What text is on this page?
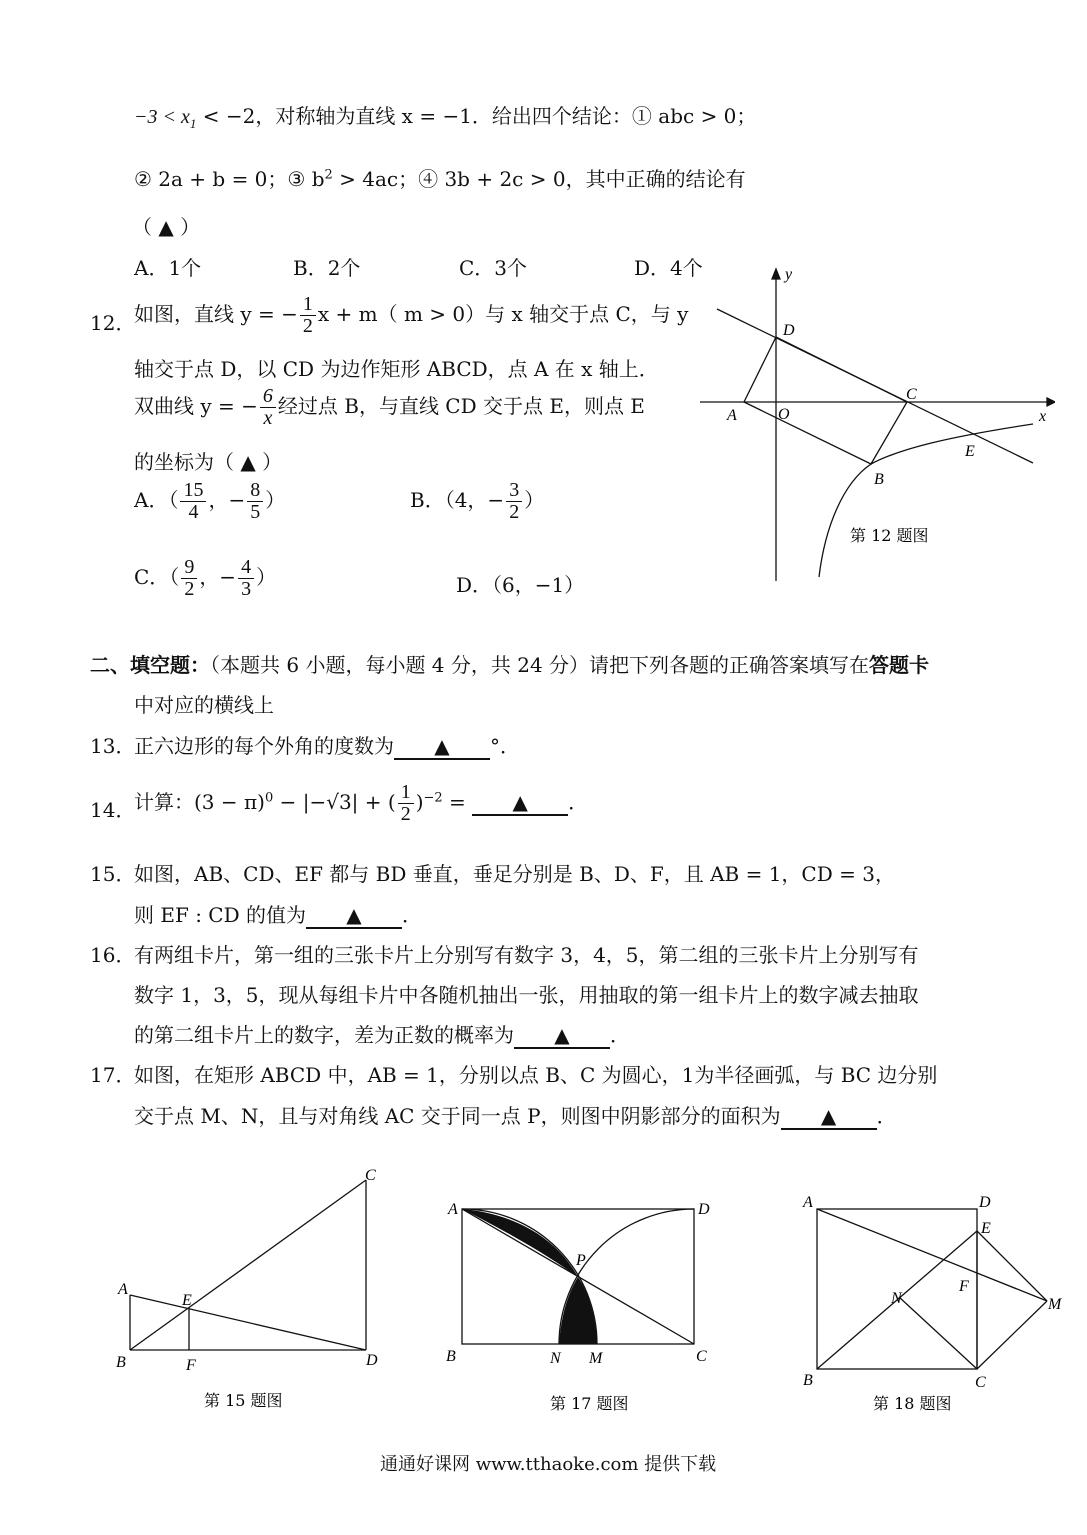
$-3 < x_1 < -2$，对称轴为直线 x = −1．给出四个结论：① abc > 0；
② 2a + b = 0；③ $b^2 > 4ac$；④ 3b + 2c > 0，其中正确的结论有
（ ▲ ）
A．1个	B．2个	C．3个	D．4个
12．
如图，直线 y = − $\frac{1}{2}$ x + m（ m > 0）与 x 轴交于点 C，与 y
轴交于点 D，以 CD 为边作矩形 ABCD，点 A 在 x 轴上．
双曲线 y = − $\frac{6}{x}$ 经过点 B，与直线 CD 交于点 E，则点 E
的坐标为（ ▲ ）
A．（ $\frac{15}{4}$ ，− $\frac{8}{5}$ ）	B．（4，− $\frac{3}{2}$ ）
C．（ $\frac{9}{2}$ ，− $\frac{4}{3}$ ）	D．（6，−1）
y
x
D
A	O
C
E
B
第 12 题图
二、填空题：（本题共 6 小题，每小题 4 分，共 24 分）请把下列各题的正确答案填写在答题卡
中对应的横线上
13．
正六边形的每个外角的度数为 ▲ °．
14．
计算：$(3 - \pi)^0 - |-√3|$ + ( $\frac{1}{2} )^{-2}$ = ▲ ．
15．
如图，AB、CD、EF 都与 BD 垂直，垂足分别是 B、D、F，且 AB = 1，CD = 3，
则 EF : CD 的值为 ▲ ．
16．
有两组卡片，第一组的三张卡片上分别写有数字 3，4，5，第二组的三张卡片上分别写有
数字 1，3，5，现从每组卡片中各随机抽出一张，用抽取的第一组卡片上的数字减去抽取
的第二组卡片上的数字，差为正数的概率为 ▲ ．
17．
如图，在矩形 ABCD 中，AB = 1，分别以点 B、C 为圆心，1为半径画弧，与 BC 边分别
交于点 M、N，且与对角线 AC 交于同一点 P，则图中阴影部分的面积为 ▲ ．
C
A
E
B	F	D
第 15 题图
A	D
P
B	N M	C
第 17 题图
A	D
E
F
N	M
B	C
第 18 题图
通通好课网 www.tthaoke.com 提供下载
